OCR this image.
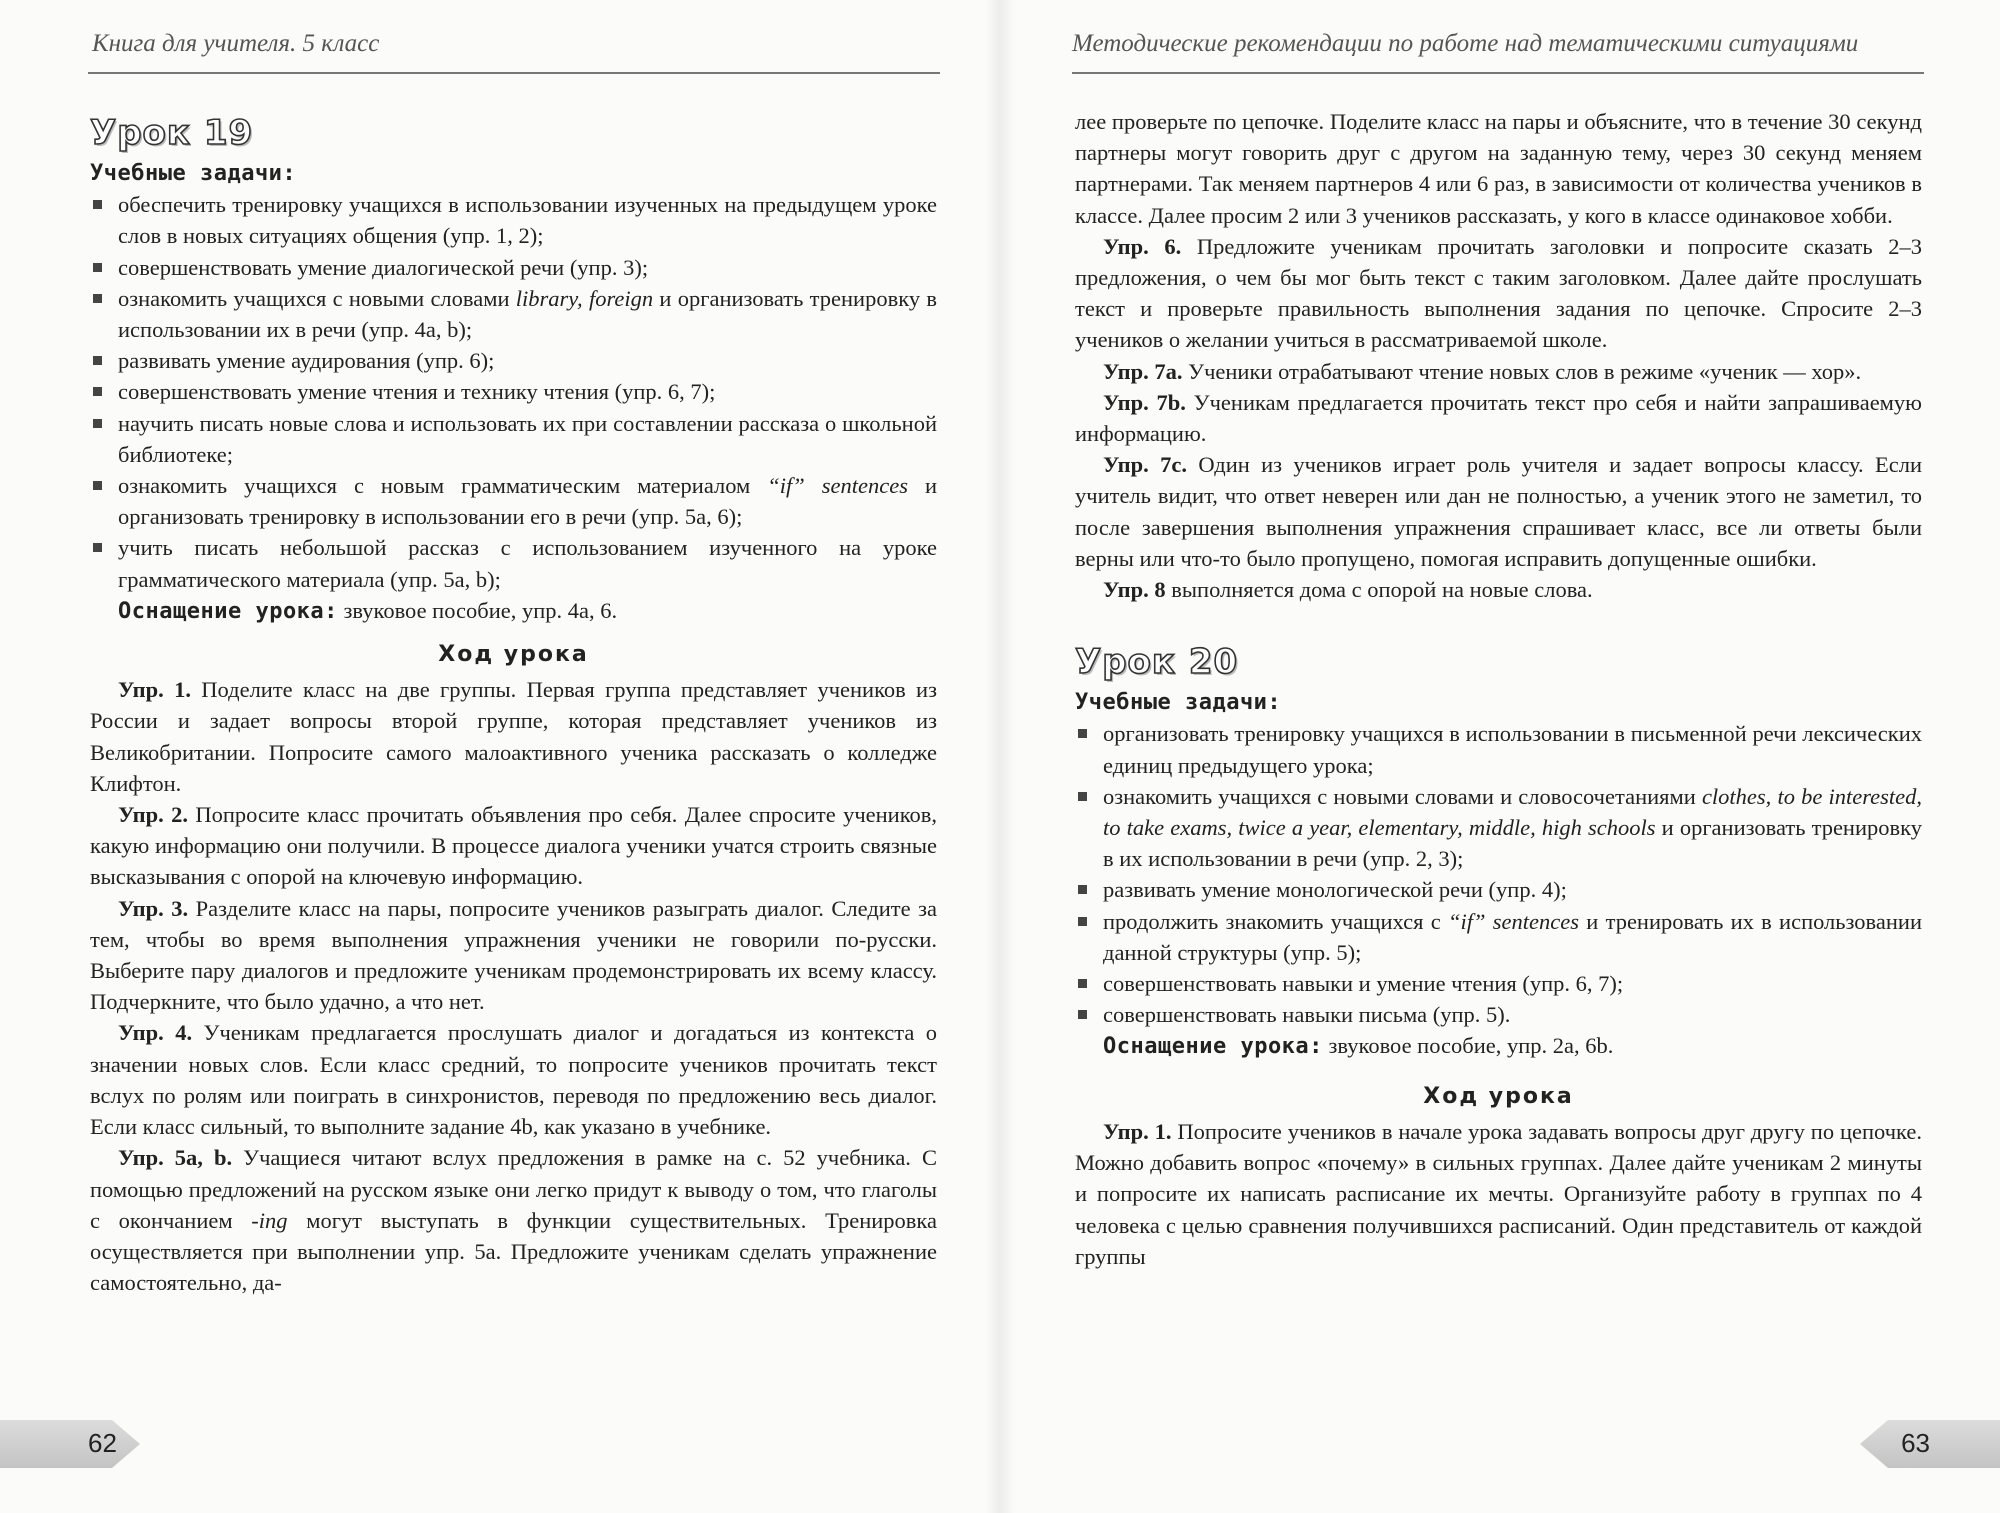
Книга для учителя. 5 класс
Урок 19
Учебные задачи:
обеспечить тренировку учащихся в использовании изученных на предыдущем уроке слов в новых ситуациях общения (упр. 1, 2);
совершенствовать умение диалогической речи (упр. 3);
ознакомить учащихся с новыми словами library, foreign и организовать тренировку в использовании их в речи (упр. 4а, b);
развивать умение аудирования (упр. 6);
совершенствовать умение чтения и технику чтения (упр. 6, 7);
научить писать новые слова и использовать их при составлении рассказа о школьной библиотеке;
ознакомить учащихся с новым грамматическим материалом “if” sentences и организовать тренировку в использовании его в речи (упр. 5а, 6);
учить писать небольшой рассказ с использованием изученного на уроке грамматического материала (упр. 5а, b);

Оснащение урока: звуковое пособие, упр. 4а, 6.

Ход урока

Упр. 1. Поделите класс на две группы. Первая группа представляет учеников из России и задает вопросы второй группе, которая представляет учеников из Великобритании. Попросите самого малоактивного ученика рассказать о колледже Клифтон.

Упр. 2. Попросите класс прочитать объявления про себя. Далее спросите учеников, какую информацию они получили. В процессе диалога ученики учатся строить связные высказывания с опорой на ключевую информацию.

Упр. 3. Разделите класс на пары, попросите учеников разыграть диалог. Следите за тем, чтобы во время выполнения упражнения ученики не говорили по-русски. Выберите пару диалогов и предложите ученикам продемонстрировать их всему классу. Подчеркните, что было удачно, а что нет.

Упр. 4. Ученикам предлагается прослушать диалог и догадаться из контекста о значении новых слов. Если класс средний, то попросите учеников прочитать текст вслух по ролям или поиграть в синхронистов, переводя по предложению весь диалог. Если класс сильный, то выполните задание 4b, как указано в учебнике.

Упр. 5а, b. Учащиеся читают вслух предложения в рамке на с. 52 учебника. С помощью предложений на русском языке они легко придут к выводу о том, что глаголы с окончанием -ing могут выступать в функции существительных. Тренировка осуществляется при выполнении упр. 5а. Предложите ученикам сделать упражнение самостоятельно, да-

62
Методические рекомендации по работе над тематическими ситуациями

лее проверьте по цепочке. Поделите класс на пары и объясните, что в течение 30 секунд партнеры могут говорить друг с другом на заданную тему, через 30 секунд меняем партнерами. Так меняем партнеров 4 или 6 раз, в зависимости от количества учеников в классе. Далее просим 2 или 3 учеников рассказать, у кого в классе одинаковое хобби.

Упр. 6. Предложите ученикам прочитать заголовки и попросите сказать 2–3 предложения, о чем бы мог быть текст с таким заголовком. Далее дайте прослушать текст и проверьте правильность выполнения задания по цепочке. Спросите 2–3 учеников о желании учиться в рассматриваемой школе.

Упр. 7а. Ученики отрабатывают чтение новых слов в режиме «ученик — хор».

Упр. 7b. Ученикам предлагается прочитать текст про себя и найти запрашиваемую информацию.

Упр. 7с. Один из учеников играет роль учителя и задает вопросы классу. Если учитель видит, что ответ неверен или дан не полностью, а ученик этого не заметил, то после завершения выполнения упражнения спрашивает класс, все ли ответы были верны или что-то было пропущено, помогая исправить допущенные ошибки.

Упр. 8 выполняется дома с опорой на новые слова.

Урок 20
Учебные задачи:
организовать тренировку учащихся в использовании в письменной речи лексических единиц предыдущего урока;
ознакомить учащихся с новыми словами и словосочетаниями clothes, to be interested, to take exams, twice a year, elementary, middle, high schools и организовать тренировку в их использовании в речи (упр. 2, 3);
развивать умение монологической речи (упр. 4);
продолжить знакомить учащихся с “if” sentences и тренировать их в использовании данной структуры (упр. 5);
совершенствовать навыки и умение чтения (упр. 6, 7);
совершенствовать навыки письма (упр. 5).

Оснащение урока: звуковое пособие, упр. 2а, 6b.

Ход урока

Упр. 1. Попросите учеников в начале урока задавать вопросы друг другу по цепочке. Можно добавить вопрос «почему» в сильных группах. Далее дайте ученикам 2 минуты и попросите их написать расписание их мечты. Организуйте работу в группах по 4 человека с целью сравнения получившихся расписаний. Один представитель от каждой группы

63
